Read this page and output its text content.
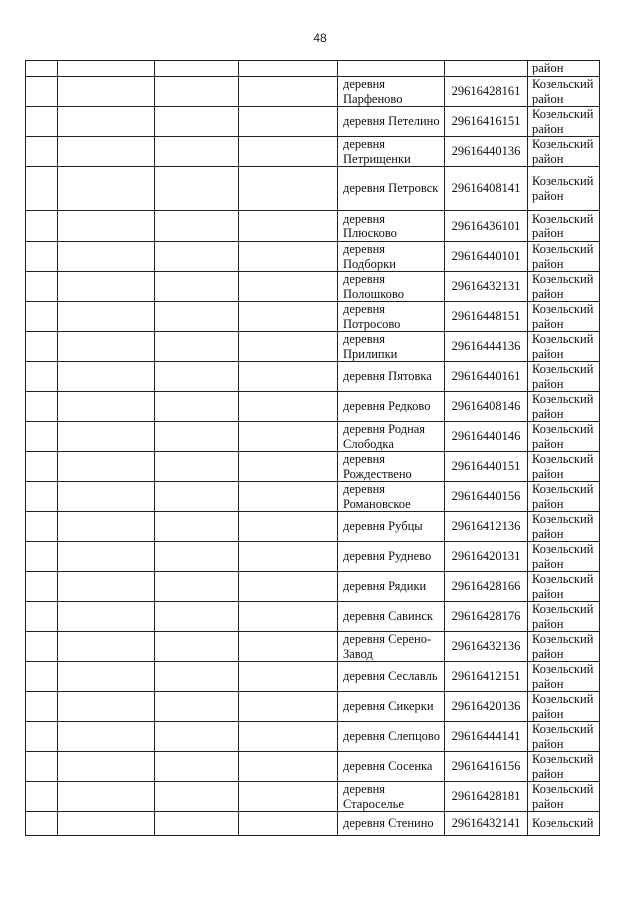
48
						район
				деревня Парфеново	29616428161	Козельский район
				деревня Петелино	29616416151	Козельский район
				деревня Петрищенки	29616440136	Козельский район
				деревня Петровск	29616408141	Козельский район
				деревня Плюсково	29616436101	Козельский район
				деревня Подборки	29616440101	Козельский район
				деревня Полошково	29616432131	Козельский район
				деревня Потросово	29616448151	Козельский район
				деревня Прилипки	29616444136	Козельский район
				деревня Пятовка	29616440161	Козельский район
				деревня Редково	29616408146	Козельский район
				деревня Родная Слободка	29616440146	Козельский район
				деревня Рождествено	29616440151	Козельский район
				деревня Романовское	29616440156	Козельский район
				деревня Рубцы	29616412136	Козельский район
				деревня Руднево	29616420131	Козельский район
				деревня Рядики	29616428166	Козельский район
				деревня Савинск	29616428176	Козельский район
				деревня Серено-Завод	29616432136	Козельский район
				деревня Сеславль	29616412151	Козельский район
				деревня Сикерки	29616420136	Козельский район
				деревня Слепцово	29616444141	Козельский район
				деревня Сосенка	29616416156	Козельский район
				деревня Староселье	29616428181	Козельский район
				деревня Стенино	29616432141	Козельский
